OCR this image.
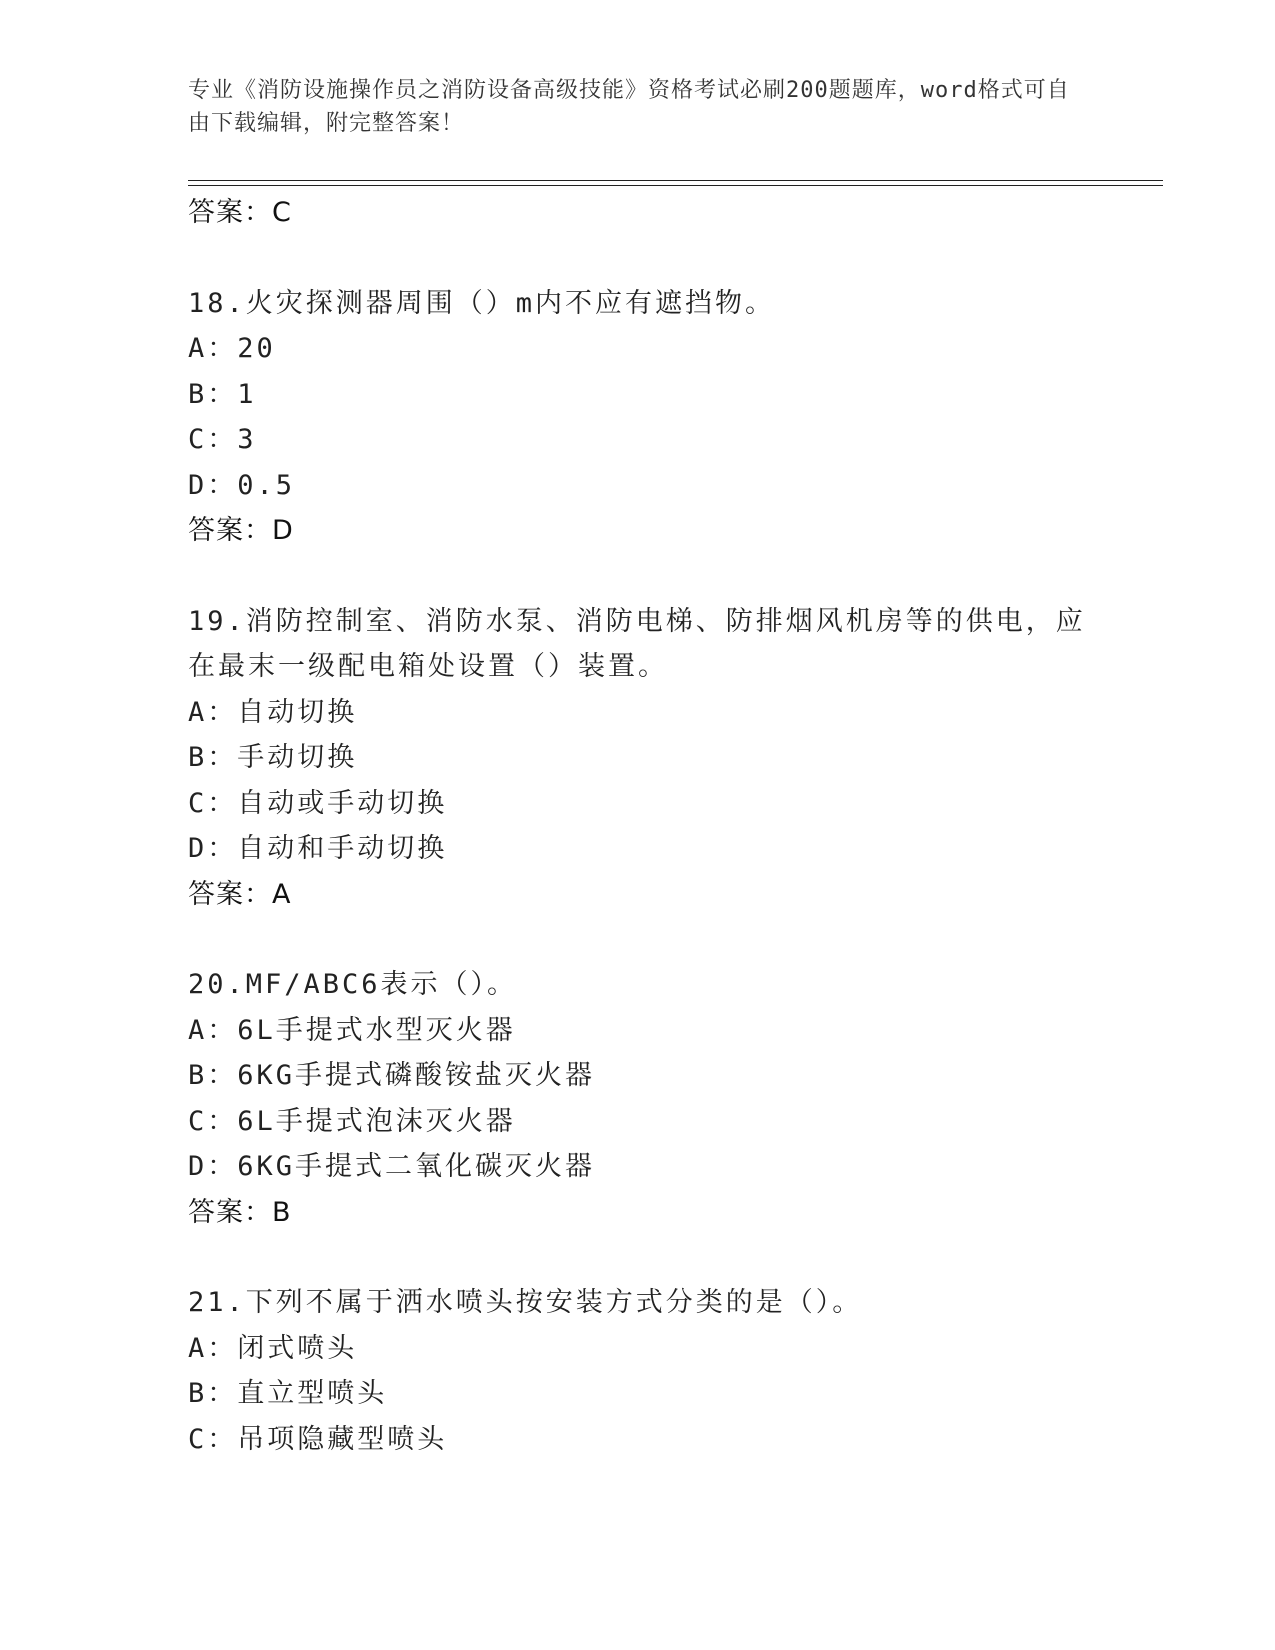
专业《消防设施操作员之消防设备高级技能》资格考试必刷200题题库，word格式可自由下载编辑，附完整答案！
答案：C
18.火灾探测器周围（）m内不应有遮挡物。
A：20
B：1
C：3
D：0.5
答案：D
19.消防控制室、消防水泵、消防电梯、防排烟风机房等的供电，应在最末一级配电箱处设置（）装置。
A：自动切换
B：手动切换
C：自动或手动切换
D：自动和手动切换
答案：A
20.MF/ABC6表示（）。
A：6L手提式水型灭火器
B：6KG手提式磷酸铵盐灭火器
C：6L手提式泡沫灭火器
D：6KG手提式二氧化碳灭火器
答案：B
21.下列不属于洒水喷头按安装方式分类的是（）。
A：闭式喷头
B：直立型喷头
C：吊项隐藏型喷头
